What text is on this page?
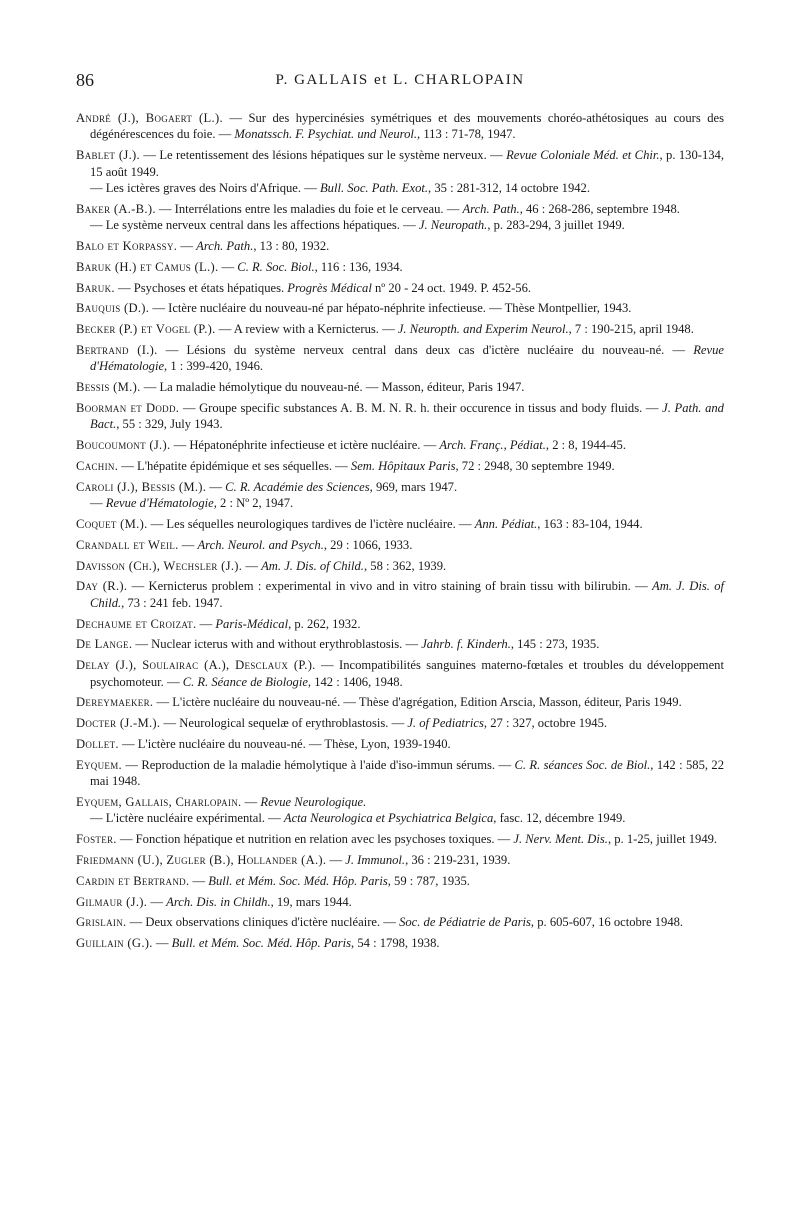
86	P. GALLAIS et L. CHARLOPAIN
André (J.), Bogaert (L.). — Sur des hypercinésies symétriques et des mouvements choréo-athétosiques au cours des dégénérescences du foie. — Monatssch. F. Psychiat. und Neurol., 113 : 71-78, 1947.
Bablet (J.). — Le retentissement des lésions hépatiques sur le système nerveux. — Revue Coloniale Méd. et Chir., p. 130-134, 15 août 1949.
— Les ictères graves des Noirs d'Afrique. — Bull. Soc. Path. Exot., 35 : 281-312, 14 octobre 1942.
Baker (A.-B.). — Interrélations entre les maladies du foie et le cerveau. — Arch. Path., 46 : 268-286, septembre 1948.
— Le système nerveux central dans les affections hépatiques. — J. Neuropath., p. 283-294, 3 juillet 1949.
Balo et Korpassy. — Arch. Path., 13 : 80, 1932.
Baruk (H.) et Camus (L.). — C. R. Soc. Biol., 116 : 136, 1934.
Baruk. — Psychoses et états hépatiques. Progrès Médical nº 20 - 24 oct. 1949. P. 452-56.
Bauquis (D.). — Ictère nucléaire du nouveau-né par hépato-néphrite infectieuse. — Thèse Montpellier, 1943.
Becker (P.) et Vogel (P.). — A review with a Kernicterus. — J. Neuropth. and Experim Neurol., 7 : 190-215, april 1948.
Bertrand (I.). — Lésions du système nerveux central dans deux cas d'ictère nucléaire du nouveau-né. — Revue d'Hématologie, 1 : 399-420, 1946.
Bessis (M.). — La maladie hémolytique du nouveau-né. — Masson, éditeur, Paris 1947.
Boorman et Dodd. — Groupe specific substances A. B. M. N. R. h. their occurence in tissus and body fluids. — J. Path. and Bact., 55 : 329, July 1943.
Boucoumont (J.). — Hépatonéphrite infectieuse et ictère nucléaire. — Arch. Franç., Pédiat., 2 : 8, 1944-45.
Cachin. — L'hépatite épidémique et ses séquelles. — Sem. Hôpitaux Paris, 72 : 2948, 30 septembre 1949.
Caroli (J.), Bessis (M.). — C. R. Académie des Sciences, 969, mars 1947.
— Revue d'Hématologie, 2 : Nº 2, 1947.
Coquet (M.). — Les séquelles neurologiques tardives de l'ictère nucléaire. — Ann. Pédiat., 163 : 83-104, 1944.
Crandall et Weil. — Arch. Neurol. and Psych., 29 : 1066, 1933.
Davisson (Ch.), Wechsler (J.). — Am. J. Dis. of Child., 58 : 362, 1939.
Day (R.). — Kernicterus problem : experimental in vivo and in vitro staining of brain tissu with bilirubin. — Am. J. Dis. of Child., 73 : 241 feb. 1947.
Dechaume et Croizat. — Paris-Médical, p. 262, 1932.
De Lange. — Nuclear icterus with and without erythroblastosis. — Jahrb. f. Kinderh., 145 : 273, 1935.
Delay (J.), Soulairac (A.), Desclaux (P.). — Incompatibilités sanguines materno-fœtales et troubles du développement psychomoteur. — C. R. Séance de Biologie, 142 : 1406, 1948.
Dereymaeker. — L'ictère nucléaire du nouveau-né. — Thèse d'agrégation, Edition Arscia, Masson, éditeur, Paris 1949.
Docter (J.-M.). — Neurological sequelæ of erythroblastosis. — J. of Pediatrics, 27 : 327, octobre 1945.
Dollet. — L'ictère nucléaire du nouveau-né. — Thèse, Lyon, 1939-1940.
Eyquem. — Reproduction de la maladie hémolytique à l'aide d'iso-immun sérums. — C. R. séances Soc. de Biol., 142 : 585, 22 mai 1948.
Eyquem, Gallais, Charlopain. — Revue Neurologique.
— L'ictère nucléaire expérimental. — Acta Neurologica et Psychiatrica Belgica, fasc. 12, décembre 1949.
Foster. — Fonction hépatique et nutrition en relation avec les psychoses toxiques. — J. Nerv. Ment. Dis., p. 1-25, juillet 1949.
Friedmann (U.), Zugler (B.), Hollander (A.). — J. Immunol., 36 : 219-231, 1939.
Cardin et Bertrand. — Bull. et Mém. Soc. Méd. Hôp. Paris, 59 : 787, 1935.
Gilmaur (J.). — Arch. Dis. in Childh., 19, mars 1944.
Grislain. — Deux observations cliniques d'ictère nucléaire. — Soc. de Pédiatrie de Paris, p. 605-607, 16 octobre 1948.
Guillain (G.). — Bull. et Mém. Soc. Méd. Hôp. Paris, 54 : 1798, 1938.
